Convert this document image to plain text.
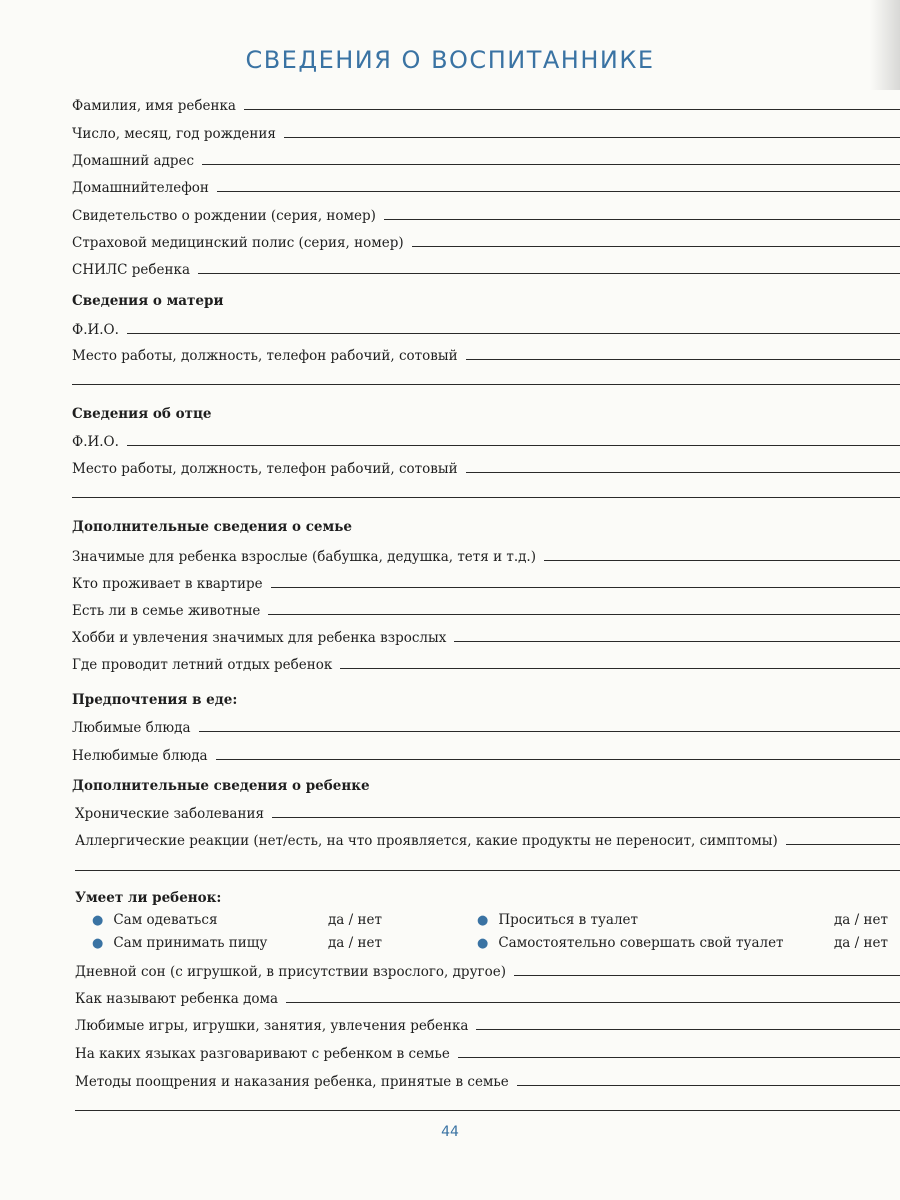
СВЕДЕНИЯ О ВОСПИТАННИКЕ
Фамилия, имя ребенка
Число, месяц, год рождения
Домашний адрес
Домашнийтелефон
Свидетельство о рождении (серия, номер)
Страховой медицинский полис (серия, номер)
СНИЛС ребенка
Сведения о матери
Ф.И.О.
Место работы, должность, телефон рабочий, сотовый
Сведения об отце
Ф.И.О.
Место работы, должность, телефон рабочий, сотовый
Дополнительные сведения о семье
Значимые для ребенка взрослые (бабушка, дедушка, тетя и т.д.)
Кто проживает в квартире
Есть ли в семье животные
Хобби и увлечения значимых для ребенка взрослых
Где проводит летний отдых ребенок
Предпочтения в еде:
Любимые блюда
Нелюбимые блюда
Дополнительные сведения о ребенке
Хронические заболевания
Аллергические реакции (нет/есть, на что проявляется, какие продукты не переносит, симптомы)
Умеет ли ребенок:
● Сам одеваться	да / нет
● Сам принимать пищу	да / нет
● Проситься в туалет	да / нет
● Самостоятельно совершать свой туалет	да / нет
Дневной сон (с игрушкой, в присутствии взрослого, другое)
Как называют ребенка дома
Любимые игры, игрушки, занятия, увлечения ребенка
На каких языках разговаривают с ребенком в семье
Методы поощрения и наказания ребенка, принятые в семье
44
